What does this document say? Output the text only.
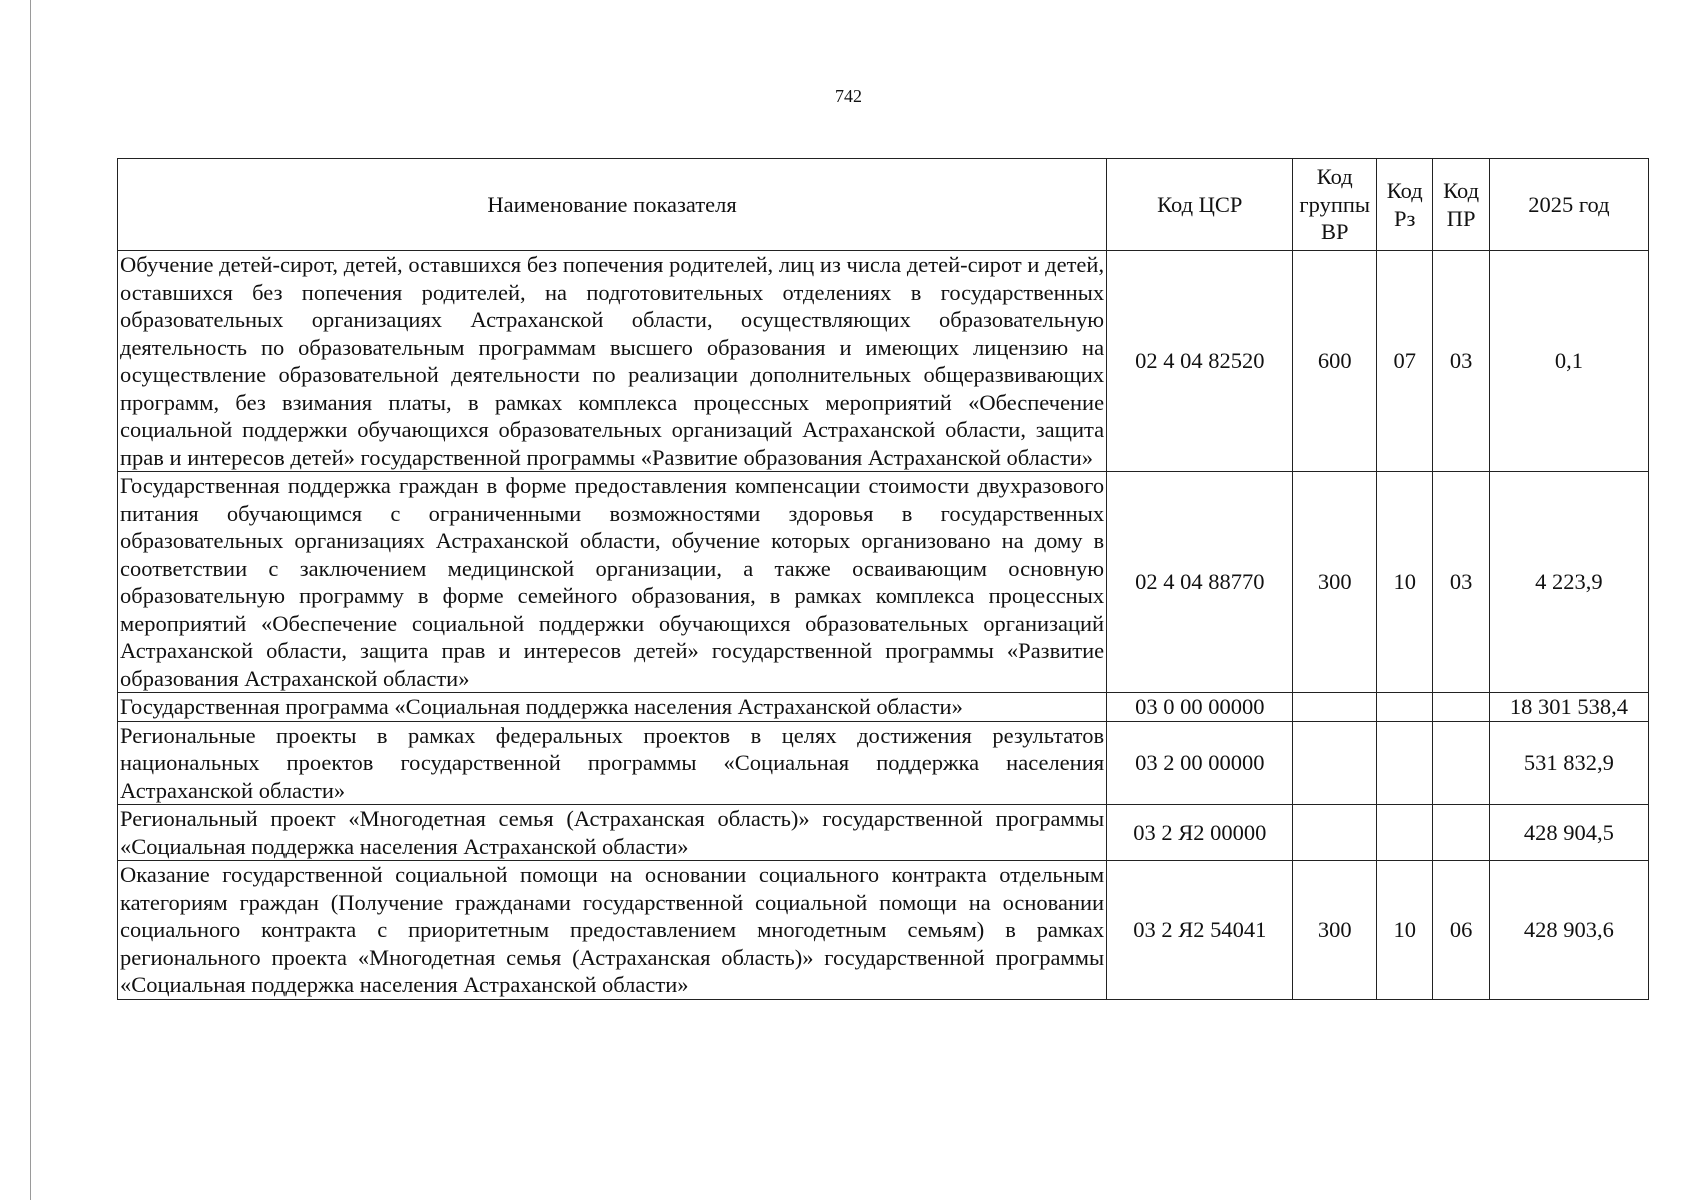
742
Наименование показателя	Код ЦСР	Код группы ВР	Код Рз	Код ПР	2025 год
Обучение детей-сирот, детей, оставшихся без попечения родителей, лиц из числа детей-сирот и детей, оставшихся без попечения родителей, на подготовительных отделениях в государственных образовательных организациях Астраханской области, осуществляющих образовательную деятельность по образовательным программам высшего образования и имеющих лицензию на осуществление образовательной деятельности по реализации дополнительных общеразвивающих программ, без взимания платы, в рамках комплекса процессных мероприятий «Обеспечение социальной поддержки обучающихся образовательных организаций Астраханской области, защита прав и интересов детей» государственной программы «Развитие образования Астраханской области»	02 4 04 82520	600	07	03	0,1
Государственная поддержка граждан в форме предоставления компенсации стоимости двухразового питания обучающимся с ограниченными возможностями здоровья в государственных образовательных организациях Астраханской области, обучение которых организовано на дому в соответствии с заключением медицинской организации, а также осваивающим основную образовательную программу в форме семейного образования, в рамках комплекса процессных мероприятий «Обеспечение социальной поддержки обучающихся образовательных организаций Астраханской области, защита прав и интересов детей» государственной программы «Развитие образования Астраханской области»	02 4 04 88770	300	10	03	4 223,9
Государственная программа «Социальная поддержка населения Астраханской области»	03 0 00 00000				18 301 538,4
Региональные проекты в рамках федеральных проектов в целях достижения результатов национальных проектов государственной программы «Социальная поддержка населения Астраханской области»	03 2 00 00000				531 832,9
Региональный проект «Многодетная семья (Астраханская область)» государственной программы «Социальная поддержка населения Астраханской области»	03 2 Я2 00000				428 904,5
Оказание государственной социальной помощи на основании социального контракта отдельным категориям граждан (Получение гражданами государственной социальной помощи на основании социального контракта с приоритетным предоставлением многодетным семьям) в рамках регионального проекта «Многодетная семья (Астраханская область)» государственной программы «Социальная поддержка населения Астраханской области»	03 2 Я2 54041	300	10	06	428 903,6
